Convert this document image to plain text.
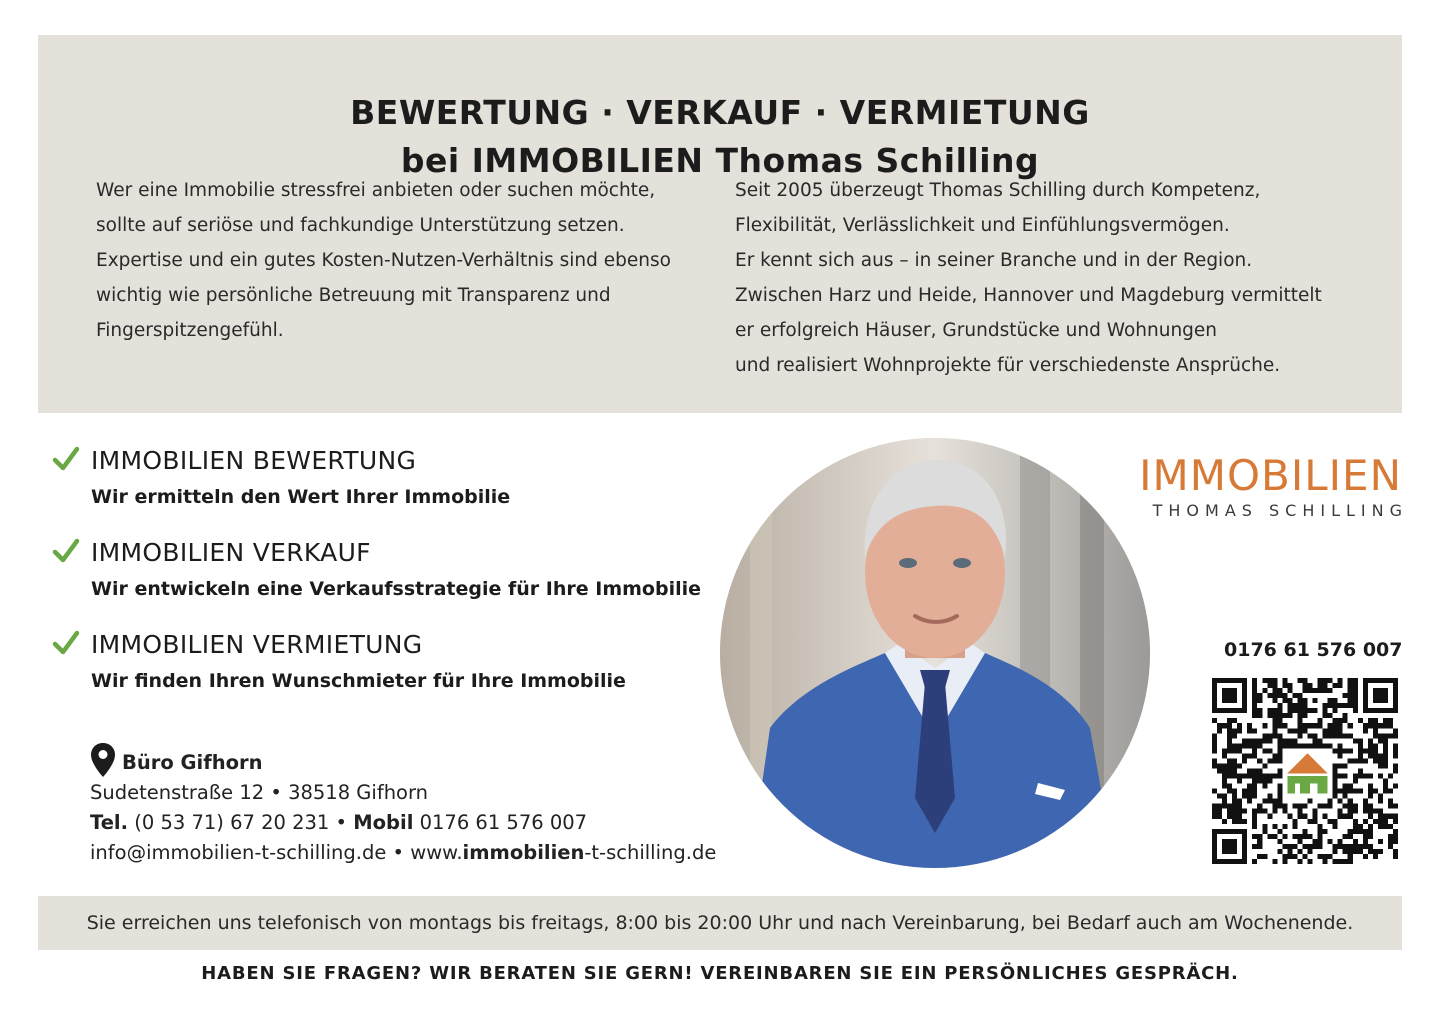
BEWERTUNG · VERKAUF · VERMIETUNG
bei IMMOBILIEN Thomas Schilling

Wer eine Immobilie stressfrei anbieten oder suchen möchte,

sollte auf seriöse und fachkundige Unterstützung setzen.

Expertise und ein gutes Kosten-Nutzen-Verhältnis sind ebenso

wichtig wie persönliche Betreuung mit Transparenz und

Fingerspitzengefühl.

Seit 2005 überzeugt Thomas Schilling durch Kompetenz,

Flexibilität, Verlässlichkeit und Einfühlungsvermögen.

Er kennt sich aus – in seiner Branche und in der Region.

Zwischen Harz und Heide, Hannover und Magdeburg vermittelt

er erfolgreich Häuser, Grundstücke und Wohnungen

und realisiert Wohnprojekte für verschiedenste Ansprüche.

IMMOBILIEN BEWERTUNG
Wir ermitteln den Wert Ihrer Immobilie
IMMOBILIEN VERKAUF
Wir entwickeln eine Verkaufsstrategie für Ihre Immobilie
IMMOBILIEN VERMIETUNG
Wir finden Ihren Wunschmieter für Ihre Immobilie
Büro Gifhorn

Sudetenstraße 12 • 38518 Gifhorn

Tel. (0 53 71) 67 20 231 • Mobil 0176 61 576 007

info@immobilien-t-schilling.de • www.immobilien-t-schilling.de

IMMOBILIEN
THOMAS SCHILLING
0176 61 576 007
Sie erreichen uns telefonisch von montags bis freitags, 8:00 bis 20:00 Uhr und nach Vereinbarung, bei Bedarf auch am Wochenende.
HABEN SIE FRAGEN? WIR BERATEN SIE GERN! VEREINBAREN SIE EIN PERSÖNLICHES GESPRÄCH.
